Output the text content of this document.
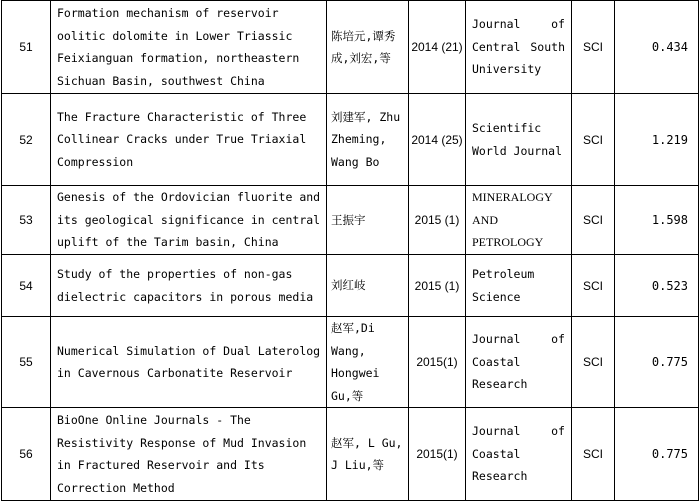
51	Formation mechanism of reservoir oolitic dolomite in Lower Triassic Feixianguan formation, northeastern Sichuan Basin, southwest China	陈培元,谭秀成,刘宏,等	2014 (21)	Journal of Central South University	SCI	0.434
52	The Fracture Characteristic of Three Collinear Cracks under True Triaxial Compression	刘建军, Zhu Zheming, Wang Bo	2014 (25)	Scientific World Journal	SCI	1.219
53	Genesis of the Ordovician fluorite and its geological significance in central uplift of the Tarim basin, China	王振宇	2015 (1)	MINERALOGY AND PETROLOGY	SCI	1.598
54	Study of the properties of non-gas dielectric capacitors in porous media	刘红岐	2015 (1)	Petroleum Science	SCI	0.523
55	Numerical Simulation of Dual Laterolog in Cavernous Carbonatite Reservoir	赵军,Di Wang, Hongwei Gu,等	2015(1)	Journal of Coastal Research	SCI	0.775
56	BioOne Online Journals - The Resistivity Response of Mud Invasion in Fractured Reservoir and Its Correction Method	赵军, L Gu, J Liu,等	2015(1)	Journal of Coastal Research	SCI	0.775
